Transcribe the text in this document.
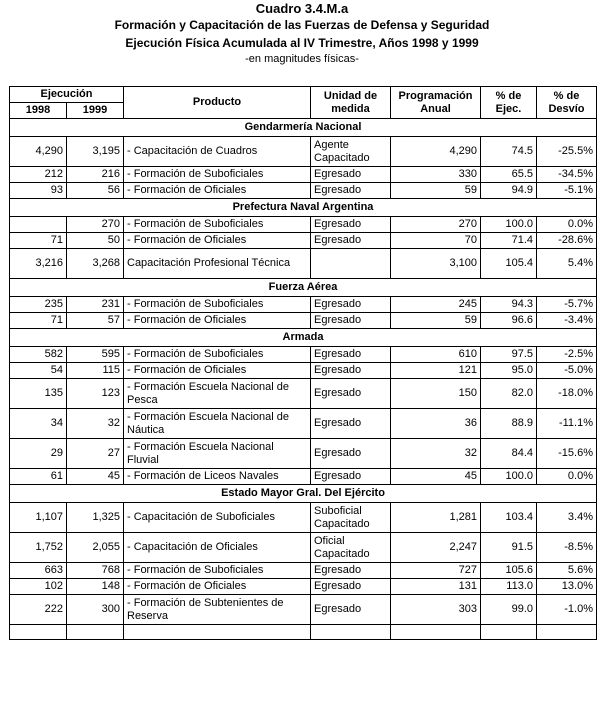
Cuadro 3.4.M.a
Formación y Capacitación de las Fuerzas de Defensa y Seguridad
Ejecución Física Acumulada al IV Trimestre, Años 1998 y 1999
-en magnitudes físicas-
Ejecución		Producto	Unidad de medida	Programación Anual	% de Ejec.	% de Desvío
1998	1999					
Gendarmería Nacional						
4,290	3,195	- Capacitación de Cuadros	Agente Capacitado	4,290	74.5	-25.5%
212	216	- Formación de Suboficiales	Egresado	330	65.5	-34.5%
93	56	- Formación de Oficiales	Egresado	59	94.9	-5.1%
Prefectura Naval Argentina						
	270	- Formación de Suboficiales	Egresado	270	100.0	0.0%
71	50	- Formación de Oficiales	Egresado	70	71.4	-28.6%
3,216	3,268	Capacitación Profesional Técnica		3,100	105.4	5.4%
Fuerza Aérea						
235	231	- Formación de Suboficiales	Egresado	245	94.3	-5.7%
71	57	- Formación de Oficiales	Egresado	59	96.6	-3.4%
Armada						
582	595	- Formación de Suboficiales	Egresado	610	97.5	-2.5%
54	115	- Formación de Oficiales	Egresado	121	95.0	-5.0%
135	123	- Formación Escuela Nacional de Pesca	Egresado	150	82.0	-18.0%
34	32	- Formación Escuela Nacional de Náutica	Egresado	36	88.9	-11.1%
29	27	- Formación Escuela Nacional Fluvial	Egresado	32	84.4	-15.6%
61	45	- Formación de Liceos Navales	Egresado	45	100.0	0.0%
Estado Mayor Gral. Del Ejército						
1,107	1,325	- Capacitación de Suboficiales	Suboficial Capacitado	1,281	103.4	3.4%
1,752	2,055	- Capacitación de Oficiales	Oficial Capacitado	2,247	91.5	-8.5%
663	768	- Formación de Suboficiales	Egresado	727	105.6	5.6%
102	148	- Formación de Oficiales	Egresado	131	113.0	13.0%
222	300	- Formación de Subtenientes de Reserva	Egresado	303	99.0	-1.0%
